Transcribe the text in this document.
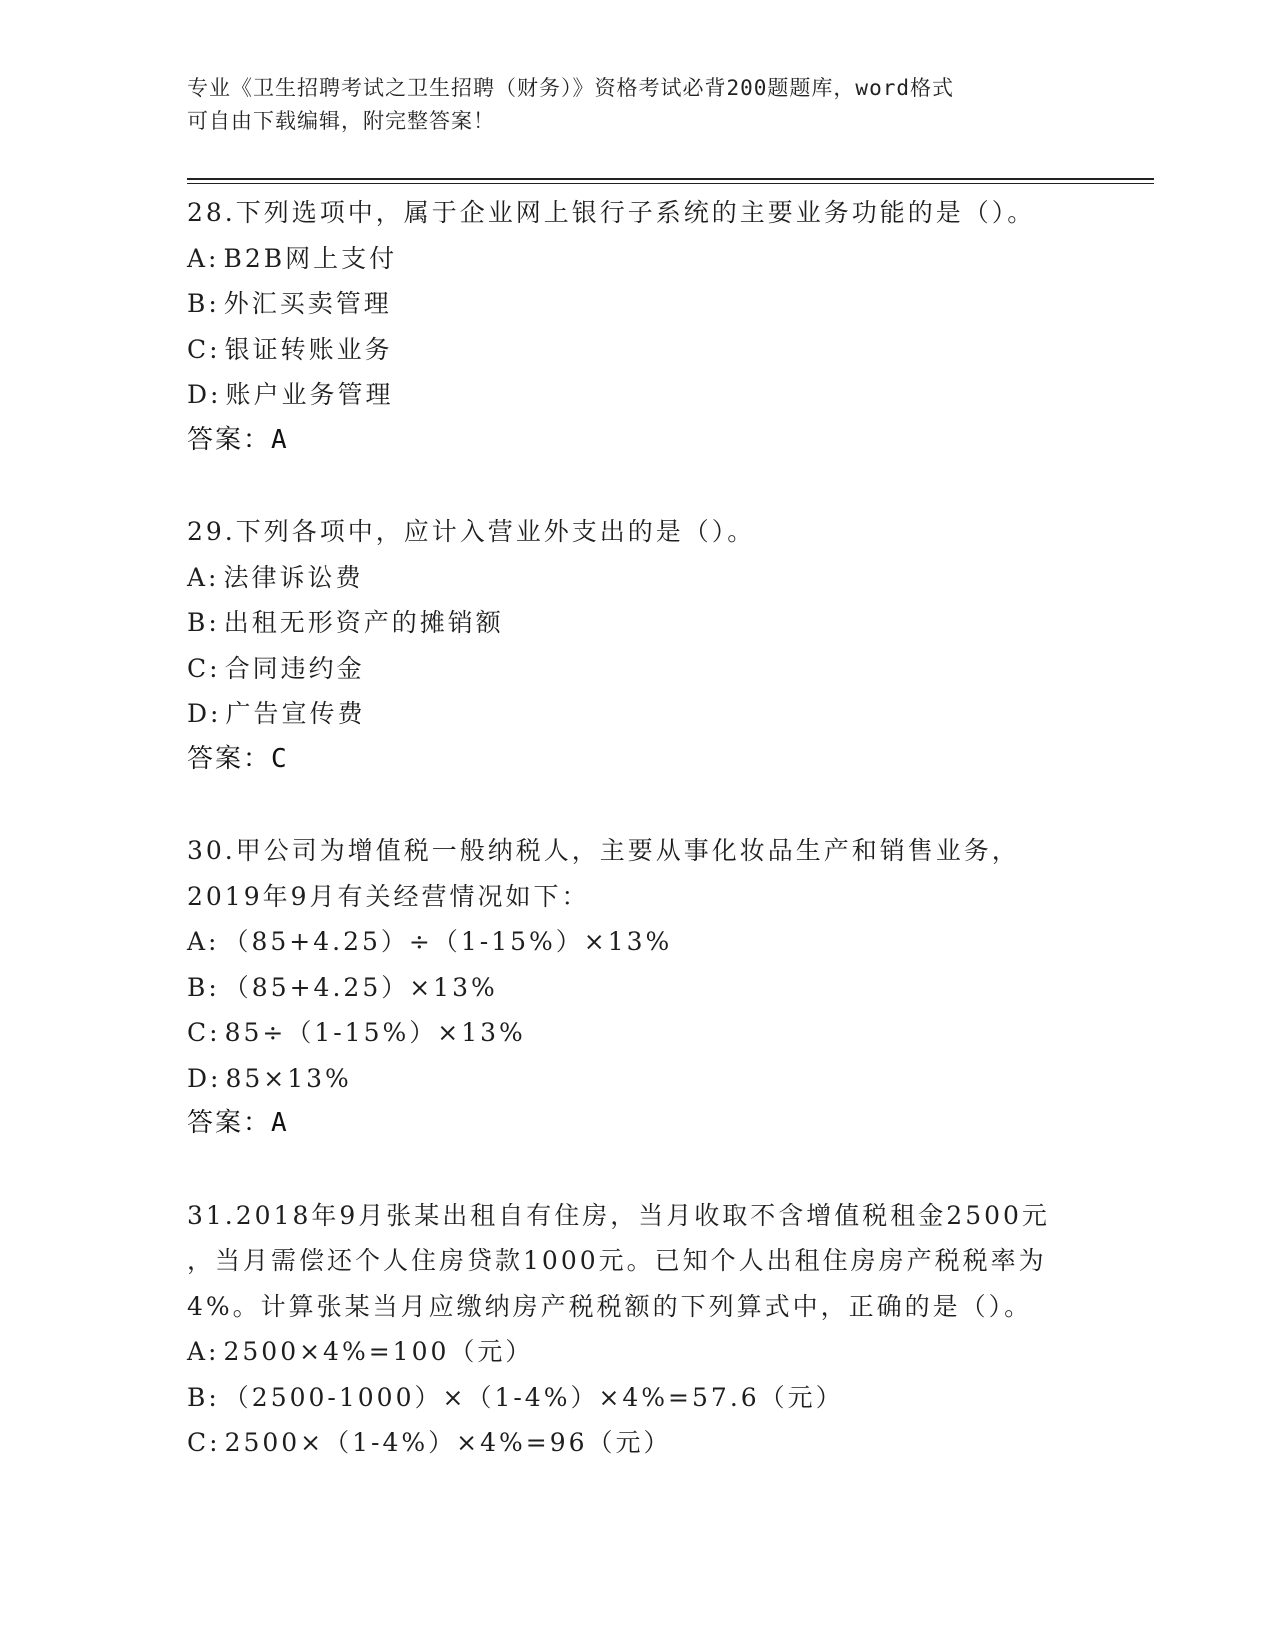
专业《卫生招聘考试之卫生招聘（财务）》资格考试必背200题题库，word格式
可自由下载编辑，附完整答案！
28.下列选项中，属于企业网上银行子系统的主要业务功能的是（）。
A: B2B网上支付
B: 外汇买卖管理
C: 银证转账业务
D: 账户业务管理
答案：A
29.下列各项中，应计入营业外支出的是（）。
A: 法律诉讼费
B: 出租无形资产的摊销额
C: 合同违约金
D: 广告宣传费
答案：C
30.甲公司为增值税一般纳税人，主要从事化妆品生产和销售业务，
2019年9月有关经营情况如下：
A: （85+4.25）÷（1-15%）×13%
B: （85+4.25）×13%
C: 85÷（1-15%）×13%
D: 85×13%
答案：A
31.2018年9月张某出租自有住房，当月收取不含增值税租金2500元
，当月需偿还个人住房贷款1000元。已知个人出租住房房产税税率为
4%。计算张某当月应缴纳房产税税额的下列算式中，正确的是（）。
A: 2500×4%=100（元）
B: （2500-1000）×（1-4%）×4%=57.6（元）
C: 2500×（1-4%）×4%=96（元）
